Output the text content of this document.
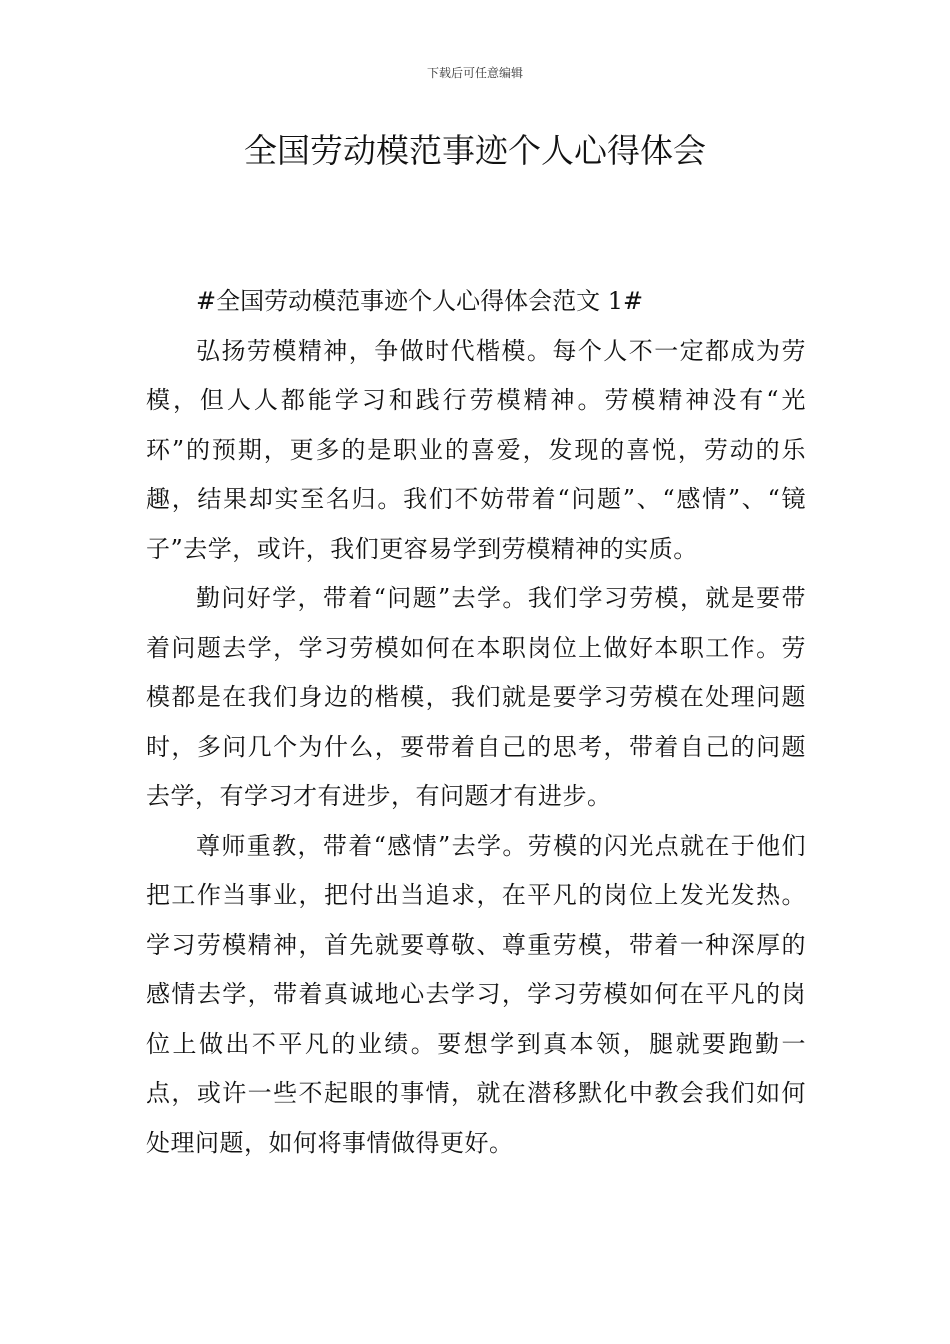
下载后可任意编辑
全国劳动模范事迹个人心得体会

#全国劳动模范事迹个人心得体会范文 1#

弘扬劳模精神，争做时代楷模。每个人不一定都成为劳模，但人人都能学习和践行劳模精神。劳模精神没有“光环”的预期，更多的是职业的喜爱，发现的喜悦，劳动的乐趣，结果却实至名归。我们不妨带着“问题”、“感情”、“镜子”去学，或许，我们更容易学到劳模精神的实质。

勤问好学，带着“问题”去学。我们学习劳模，就是要带着问题去学，学习劳模如何在本职岗位上做好本职工作。劳模都是在我们身边的楷模，我们就是要学习劳模在处理问题时，多问几个为什么，要带着自己的思考，带着自己的问题去学，有学习才有进步，有问题才有进步。

尊师重教，带着“感情”去学。劳模的闪光点就在于他们把工作当事业，把付出当追求，在平凡的岗位上发光发热。学习劳模精神，首先就要尊敬、尊重劳模，带着一种深厚的感情去学，带着真诚地心去学习，学习劳模如何在平凡的岗位上做出不平凡的业绩。要想学到真本领，腿就要跑勤一点，或许一些不起眼的事情，就在潜移默化中教会我们如何处理问题，如何将事情做得更好。
